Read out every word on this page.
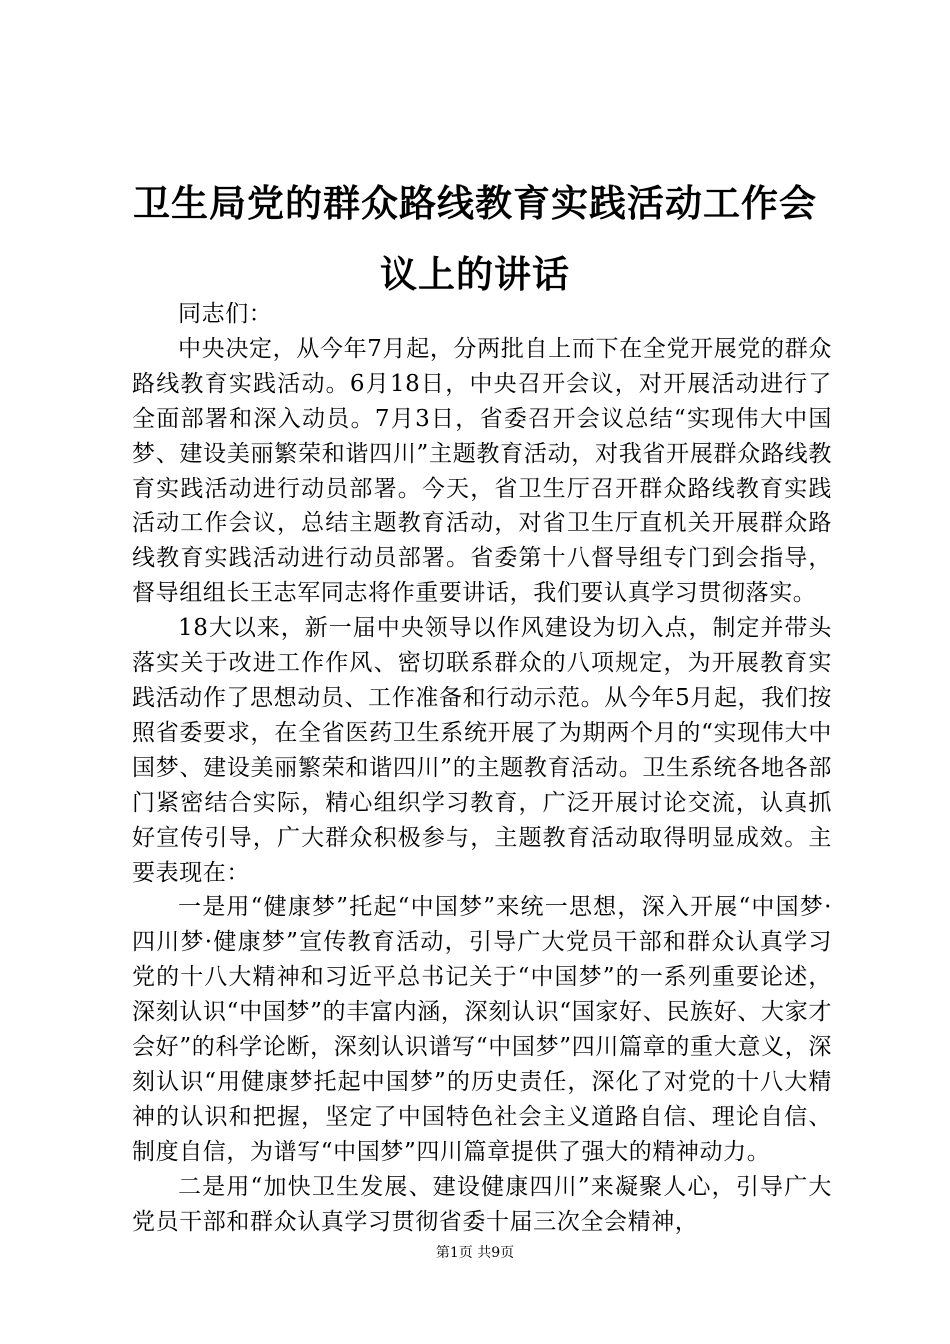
卫生局党的群众路线教育实践活动工作会议上的讲话

同志们：

中央决定，从今年7月起，分两批自上而下在全党开展党的群众路线教育实践活动。6月18日，中央召开会议，对开展活动进行了全面部署和深入动员。7月3日，省委召开会议总结“实现伟大中国梦、建设美丽繁荣和谐四川”主题教育活动，对我省开展群众路线教育实践活动进行动员部署。今天，省卫生厅召开群众路线教育实践活动工作会议，总结主题教育活动，对省卫生厅直机关开展群众路线教育实践活动进行动员部署。省委第十八督导组专门到会指导，督导组组长王志军同志将作重要讲话，我们要认真学习贯彻落实。

18大以来，新一届中央领导以作风建设为切入点，制定并带头落实关于改进工作作风、密切联系群众的八项规定，为开展教育实践活动作了思想动员、工作准备和行动示范。从今年5月起，我们按照省委要求，在全省医药卫生系统开展了为期两个月的“实现伟大中国梦、建设美丽繁荣和谐四川”的主题教育活动。卫生系统各地各部门紧密结合实际，精心组织学习教育，广泛开展讨论交流，认真抓好宣传引导，广大群众积极参与，主题教育活动取得明显成效。主要表现在：

一是用“健康梦”托起“中国梦”来统一思想，深入开展“中国梦·四川梦·健康梦”宣传教育活动，引导广大党员干部和群众认真学习党的十八大精神和习近平总书记关于“中国梦”的一系列重要论述，深刻认识“中国梦”的丰富内涵，深刻认识“国家好、民族好、大家才会好”的科学论断，深刻认识谱写“中国梦”四川篇章的重大意义，深刻认识“用健康梦托起中国梦”的历史责任，深化了对党的十八大精神的认识和把握，坚定了中国特色社会主义道路自信、理论自信、制度自信，为谱写“中国梦”四川篇章提供了强大的精神动力。

二是用“加快卫生发展、建设健康四川”来凝聚人心，引导广大党员干部和群众认真学习贯彻省委十届三次全会精神，

第1页 共9页
